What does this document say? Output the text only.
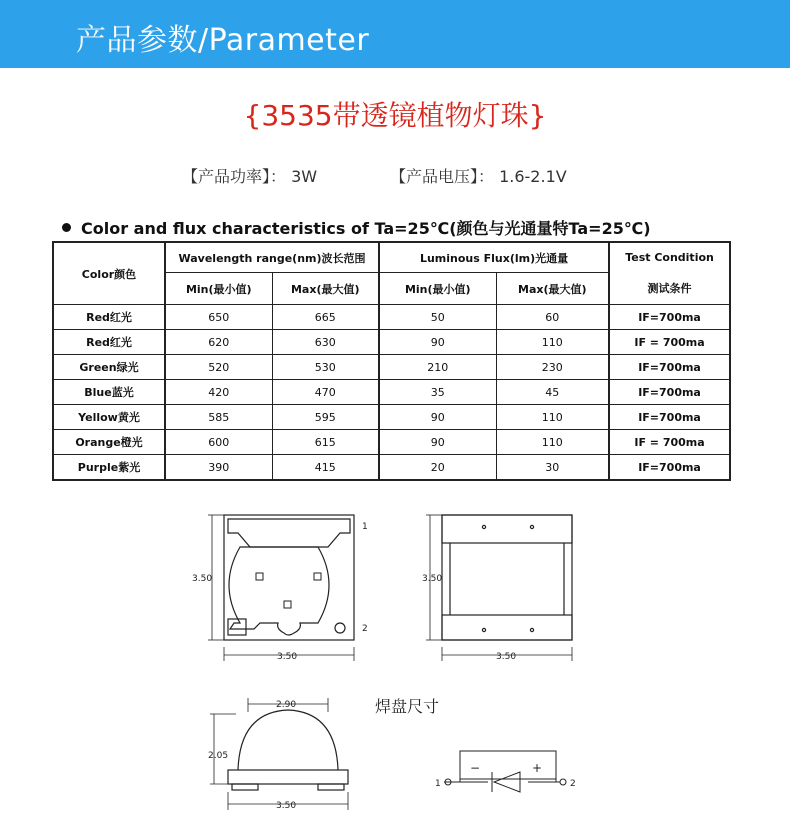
产品参数/Parameter
{3535带透镜植物灯珠}
【产品功率】： 3W	【产品电压】： 1.6-2.1V
Color and flux characteristics of Ta=25℃(颜色与光通量特Ta=25℃)
Color颜色	Wavelength range(nm)波长范围		Luminous Flux(lm)光通量		Test Condition
	Min(最小值)	Max(最大值)	Min(最小值)	Max(最大值)	测试条件
Red红光	650	665	50	60	IF=700ma
Red红光	620	630	90	110	IF = 700ma
Green绿光	520	530	210	230	IF=700ma
Blue蓝光	420	470	35	45	IF=700ma
Yellow黄光	585	595	90	110	IF=700ma
Orange橙光	600	615	90	110	IF = 700ma
Purple紫光	390	415	20	30	IF=700ma
3.50
3.50
1
2
3.50
3.50
2.90
2.05
3.50
焊盘尺寸
−	+
1	2
